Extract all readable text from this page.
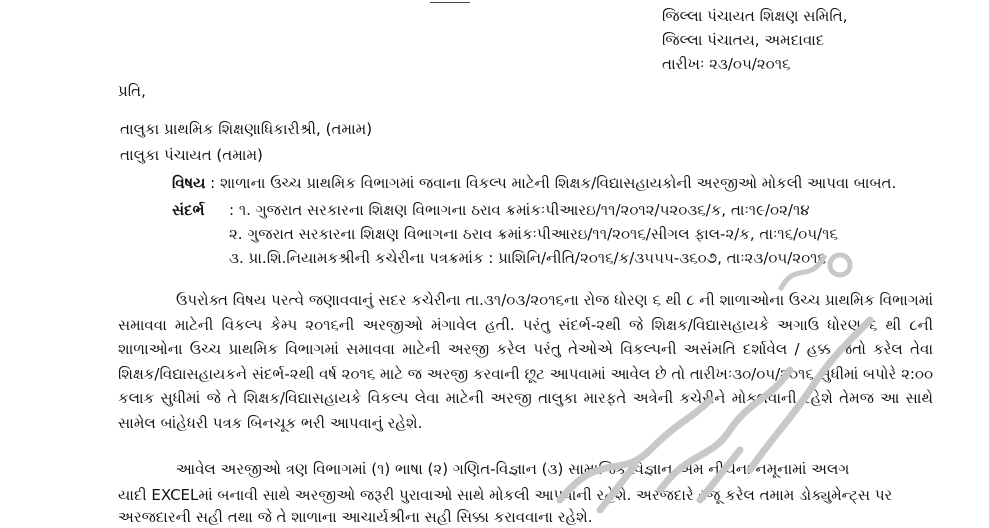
જિલ્લા પંચાયત શિક્ષણ સમિતિ,
જિલ્લા પંચાતય, અમદાવાદ
તારીખઃ ૨૩/૦૫/૨૦૧૬
પ્રતિ,
તાલુકા પ્રાથમિક શિક્ષણાધિકારીશ્રી, (તમામ)
તાલુકા પંચાયત (તમામ)
વિષય : શાળાના ઉચ્ચ પ્રાથમિક વિભાગમાં જવાના વિકલ્પ માટેની શિક્ષક/વિદ્યાસહાયકોની અરજીઓ મોકલી આપવા બાબત.
સંદર્ભ	: ૧. ગુજરાત સરકારના શિક્ષણ વિભાગના ઠરાવ ક્રમાંકઃપીઆરઇ/૧૧/૨૦૧૨/૫૨૦૩૬/ક, તાઃ૧૯/૦૨/૧૪
૨. ગુજરાત સરકારના શિક્ષણ વિભાગના ઠરાવ ક્રમાંકઃપીઆરઇ/૧૧/૨૦૧૬/સીગલ ફાલ-૨/ક, તાઃ૧૬/૦૫/૧૬
૩. પ્રા.શિ.નિયામકશ્રીની કચેરીના પત્રક્રમાંક : પ્રાશિનિ/નીતિ/૨૦૧૬/ક/૩૫૫૫-૩૬૦૭, તાઃ૨૩/૦૫/૨૦૧૬
ઉપરોક્ત વિષય પરત્વે જણાવવાનું સદર કચેરીના તા.૩૧/૦૩/૨૦૧૬ના રોજ ધોરણ ૬ થી ૮ ની શાળાઓના ઉચ્ચ પ્રાથમિક વિભાગમાં સમાવવા માટેની વિકલ્પ કેમ્પ ૨૦૧૬ની અરજીઓ મંગાવેલ હતી. પરંતુ સંદર્ભ-૨થી જે શિક્ષક/વિદ્યાસહાયકે અગાઉ ધોરણ ૬ થી ૮ની શાળાઓના ઉચ્ચ પ્રાથમિક વિભાગમાં સમાવવા માટેની અરજી કરેલ પરંતુ તેઓએ વિકલ્પની અસંમતિ દર્શાવેલ / હક્ક જતો કરેલ તેવા શિક્ષક/વિદ્યાસહાયકને સંદર્ભ-૨થી વર્ષ ૨૦૧૬ માટે જ અરજી કરવાની છૂટ આપવામાં આવેલ છે તો તારીખઃ૩૦/૦૫/૨૦૧૬ સુધીમાં બપોરે ૨:૦૦ કલાક સુધીમાં જે તે શિક્ષક/વિદ્યાસહાયકે વિકલ્પ લેવા માટેની અરજી તાલુકા મારફતે અત્રેની કચેરીને મોકલવાની રહેશે તેમજ આ સાથે સામેલ બાંહેધરી પત્રક બિનચૂક ભરી આપવાનું રહેશે.
આવેલ અરજીઓ ત્રણ વિભાગમાં (૧) ભાષા (૨) ગણિત-વિજ્ઞાન (૩) સામાજિક વિજ્ઞાન એમ નીચેના નમૂનામાં અલગ
યાદી EXCELમાં બનાવી સાથે અરજીઓ જરૂરી પુરાવાઓ સાથે મોકલી આપવાની રહેશે. અરજદારે રજૂ કરેલ તમામ ડોક્યુમેન્ટ્સ પર
અરજદારની સહી તથા જે તે શાળાના આચાર્યશ્રીના સહી સિક્કા કરાવવાના રહેશે.
